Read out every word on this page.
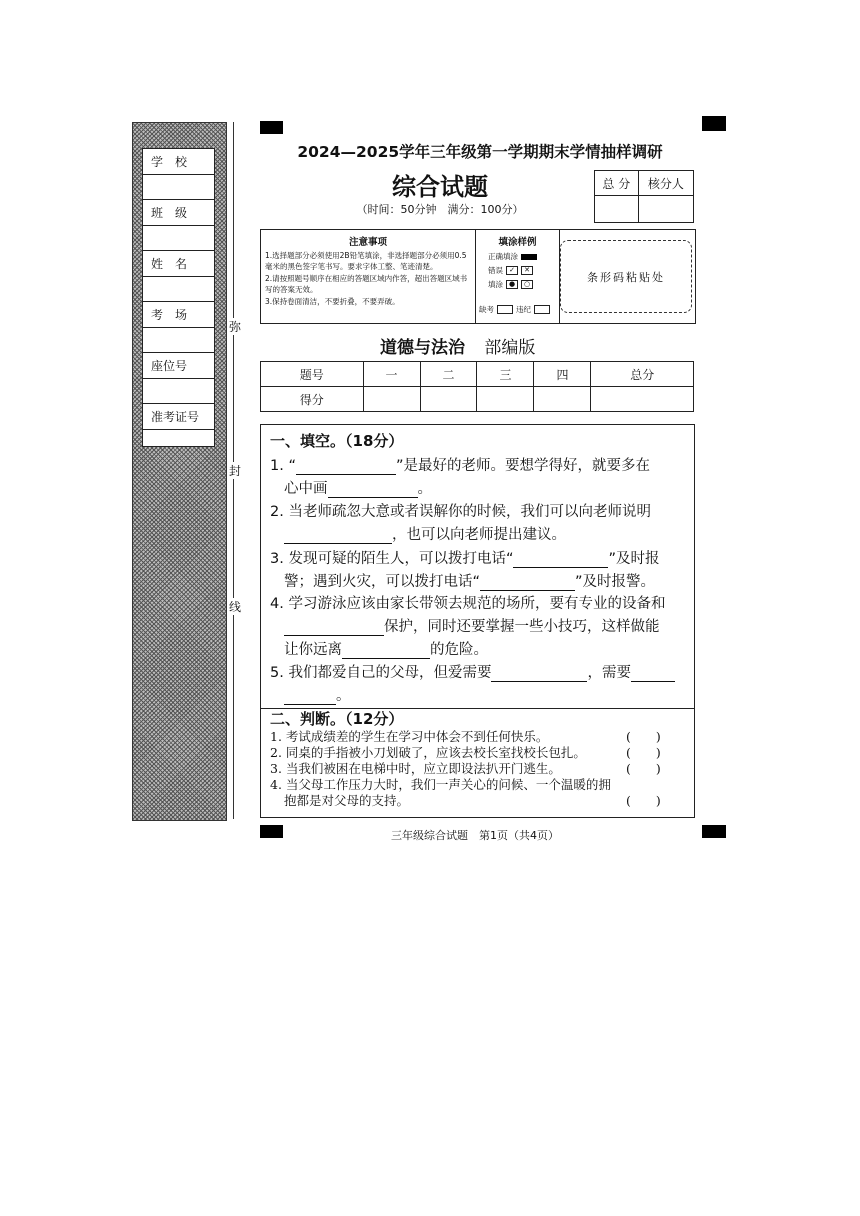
学　校
班　级
姓　名
考　场
座位号
准考证号
弥
封
线
2024—2025学年三年级第一学期期末学情抽样调研
综合试题
（时间：50分钟　满分：100分）
总 分	核分人

注意事项

1.选择题部分必须使用2B铅笔填涂，非选择题部分必须用0.5毫米的黑色签字笔书写。要求字体工整、笔迹清楚。

2.请按照题号顺序在相应的答题区域内作答，超出答题区域书写的答案无效。

3.保持卷面清洁，不要折叠，不要弄破。

填涂样例
正确填涂
错误 ✓	✕
填涂 ●	○
缺考	违纪
条形码粘贴处
道德与法治 部编版
题号	一	二	三	四	总分
得分					
一、填空。（18分）
1. “	”是最好的老师。要想学得好，就要多在
心中画	。
2. 当老师疏忽大意或者误解你的时候，我们可以向老师说明
，也可以向老师提出建议。
3. 发现可疑的陌生人，可以拨打电话“	”及时报
警；遇到火灾，可以拨打电话“	”及时报警。
4. 学习游泳应该由家长带领去规范的场所，要有专业的设备和
保护，同时还要掌握一些小技巧，这样做能
让你远离	的危险。
5. 我们都爱自己的父母，但爱需要	，需要
。
二、判断。（12分）
1. 考试成绩差的学生在学习中体会不到任何快乐。	(　　)
2. 同桌的手指被小刀划破了，应该去校长室找校长包扎。	(　　)
3. 当我们被困在电梯中时，应立即设法扒开门逃生。	(　　)
4. 当父母工作压力大时，我们一声关心的问候、一个温暖的拥
抱都是对父母的支持。	(　　)
三年级综合试题　第1页（共4页）
